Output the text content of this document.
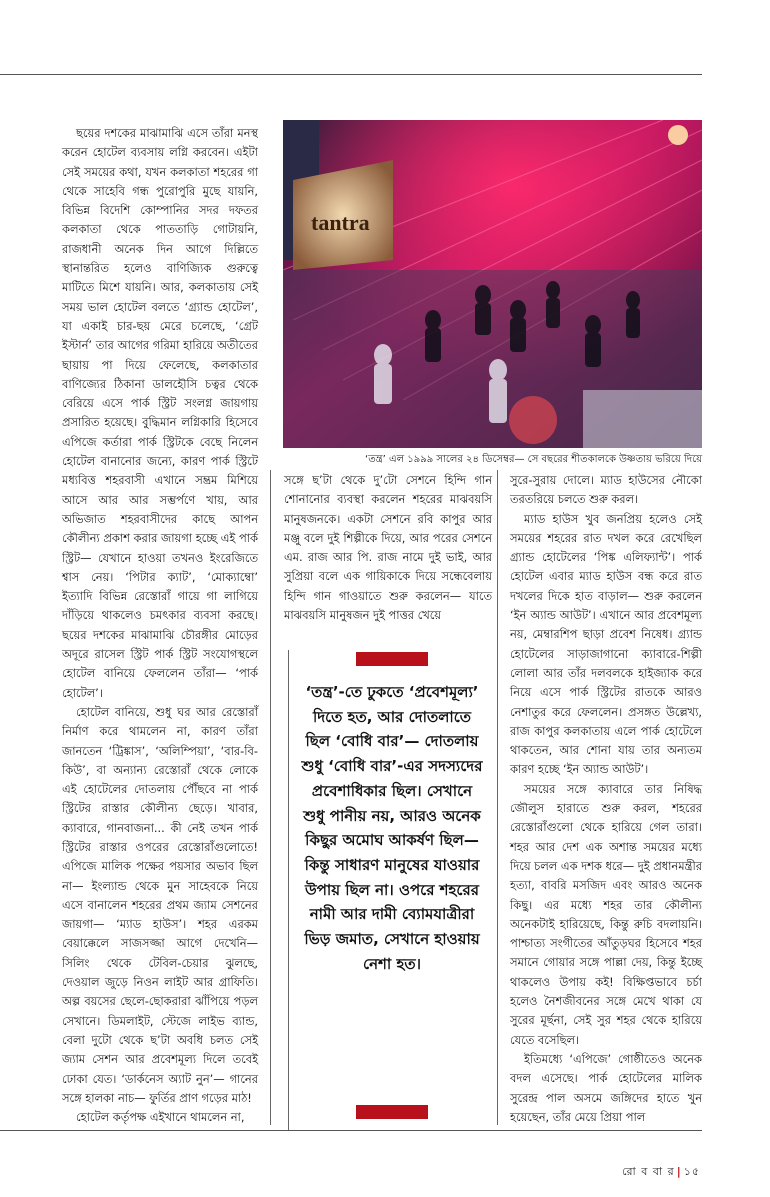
ছয়ের দশকের মাঝামাঝি এসে তাঁরা মনস্থ করেন হোটেল ব্যবসায় লগ্নি করবেন। এইটা সেই সময়ের কথা, যখন কলকাতা শহরের গা থেকে সাহেবি গন্ধ পুরোপুরি মুছে যায়নি, বিভিন্ন বিদেশি কোম্পানির সদর দফতর কলকাতা থেকে পাততাড়ি গোটায়নি, রাজধানী অনেক দিন আগে দিল্লিতে স্থানান্তরিত হলেও বাণিজ্যিক গুরুত্বে মাটিতে মিশে যায়নি। আর, কলকাতায় সেই সময় ভাল হোটেল বলতে ‘গ্র্যান্ড হোটেল’, যা একাই চার-ছয় মেরে চলেছে, ‘গ্রেট ইস্টার্ন’ তার আগের গরিমা হারিয়ে অতীতের ছায়ায় পা দিয়ে ফেলেছে, কলকাতার বাণিজ্যের ঠিকানা ডালহৌসি চত্বর থেকে বেরিয়ে এসে পার্ক স্ট্রিট সংলগ্ন জায়গায় প্রসারিত হয়েছে। বুদ্ধিমান লগ্নিকারি হিসেবে এপিজে কর্তারা পার্ক স্ট্রিটকে বেছে নিলেন হোটেল বানানোর জন্যে, কারণ পার্ক স্ট্রিটে মধ্যবিত্ত শহরবাসী এখানে সম্ভ্রম মিশিয়ে আসে আর আর সম্ভর্পণে খায়, আর অভিজাত শহরবাসীদের কাছে আপন কৌলীন্য প্রকাশ করার জায়গা হচ্ছে এই পার্ক স্ট্রিট— যেখানে হাওয়া তখনও ইংরেজিতে শ্বাস নেয়। ‘পিটার ক্যাট’, ‘মোক্যাম্বো’ ইত্যাদি বিভিন্ন রেস্তোরাঁ গায়ে গা লাগিয়ে দাঁড়িয়ে থাকলেও চমৎকার ব্যবসা করছে। ছয়ের দশকের মাঝামাঝি চৌরঙ্গীর মোড়ের অদূরে রাসেল স্ট্রিট পার্ক স্ট্রিট সংযোগস্থলে হোটেল বানিয়ে ফেললেন তাঁরা— ‘পার্ক হোটেল’।

হোটেল বানিয়ে, শুধু ঘর আর রেস্তোরাঁ নির্মাণ করে থামলেন না, কারণ তাঁরা জানতেন ‘ট্রিঙ্কাস’, ‘অলিম্পিয়া’, ‘বার-বি-কিউ’, বা অন্যান্য রেস্তোরাঁ থেকে লোকে এই হোটেলের দোতলায় পৌঁছবে না পার্ক স্ট্রিটের রাস্তার কৌলীন্য ছেড়ে। খাবার, ক্যাবারে, গানবাজনা... কী নেই তখন পার্ক স্ট্রিটের রাস্তার ওপরের রেস্তোরাঁগুলোতে! এপিজে মালিক পক্ষের পয়সার অভাব ছিল না— ইংল্যান্ড থেকে মুন সাহেবকে নিয়ে এসে বানালেন শহরের প্রথম জ্যাম সেশনের জায়গা— ‘ম্যাড হাউস’। শহর এরকম বেয়াক্কেলে সাজসজ্জা আগে দেখেনি— সিলিং থেকে টেবিল-চেয়ার ঝুলছে, দেওয়াল জুড়ে নিওন লাইট আর গ্রাফিতি। অল্প বয়সের ছেলে-ছোকরারা ঝাঁপিয়ে পড়ল সেখানে। ডিমলাইট, স্টেজে লাইভ ব্যান্ড, বেলা দুটো থেকে ছ’টা অবধি চলত সেই জ্যাম সেশন আর প্রবেশমূল্য দিলে তবেই ঢোকা যেত। ‘ডার্কনেস অ্যাট নুন’— গানের সঙ্গে হালকা নাচ— ফুর্তির প্রাণ গড়ের মাঠ!

হোটেল কর্তৃপক্ষ এইখানে থামলেন না,

tantra
‘তন্ত্র’ এল ১৯৯৯ সালের ২৪ ডিসেম্বর— সে বছরের শীতকালকে উষ্ণতায় ভরিয়ে দিয়ে

সঙ্গে ছ’টা থেকে দু’টো সেশনে হিন্দি গান শোনানোর ব্যবস্থা করলেন শহরের মাঝবয়সি মানুষজনকে। একটা সেশনে রবি কাপুর আর মঞ্জু বলে দুই শিল্পীকে দিয়ে, আর পরের সেশনে এম. রাজ আর পি. রাজ নামে দুই ভাই, আর সুপ্রিয়া বলে এক গায়িকাকে দিয়ে সন্ধেবেলায় হিন্দি গান গাওয়াতে শুরু করলেন— যাতে মাঝবয়সি মানুষজন দুই পাত্তর খেয়ে

‘তন্ত্র’-তে ঢুকতে ‘প্রবেশমূল্য’ দিতে হত, আর দোতলাতে ছিল ‘বোধি বার’— দোতলায় শুধু ‘বোধি বার’-এর সদস্যদের প্রবেশাধিকার ছিল। সেখানে শুধু পানীয় নয়, আরও অনেক কিছুর অমোঘ আকর্ষণ ছিল— কিন্তু সাধারণ মানুষের যাওয়ার উপায় ছিল না। ওপরে শহরের নামী আর দামী ব্যোমযাত্রীরা ভিড় জমাত, সেখানে হাওয়ায় নেশা হত।

সুরে-সুরায় দোলে। ম্যাড হাউসের নৌকো তরতরিয়ে চলতে শুরু করল।

ম্যাড হাউস খুব জনপ্রিয় হলেও সেই সময়ের শহরের রাত দখল করে রেখেছিল গ্র্যান্ড হোটেলের ‘পিঙ্ক এলিফ্যান্ট’। পার্ক হোটেল এবার ম্যাড হাউস বন্ধ করে রাত দখলের দিকে হাত বাড়াল— শুরু করলেন ‘ইন অ্যান্ড আউট’। এখানে আর প্রবেশমূল্য নয়, মেম্বারশিপ ছাড়া প্রবেশ নিষেধ। গ্র্যান্ড হোটেলের সাড়াজাগানো ক্যাবারে-শিল্পী লোলা আর তাঁর দলবলকে হাইজ্যাক করে নিয়ে এসে পার্ক স্ট্রিটের রাতকে আরও নেশাতুর করে ফেললেন। প্রসঙ্গত উল্লেখ্য, রাজ কাপুর কলকাতায় এলে পার্ক হোটেলে থাকতেন, আর শোনা যায় তার অন্যতম কারণ হচ্ছে ‘ইন অ্যান্ড আউট’।

সময়ের সঙ্গে ক্যাবারে তার নিষিদ্ধ জৌলুস হারাতে শুরু করল, শহরের রেস্তোরাঁগুলো থেকে হারিয়ে গেল তারা। শহর আর দেশ এক অশান্ত সময়ের মধ্যে দিয়ে চলল এক দশক ধরে— দুই প্রধানমন্ত্রীর হত্যা, বাবরি মসজিদ এবং আরও অনেক কিছু। এর মধ্যে শহর তার কৌলীন্য অনেকটাই হারিয়েছে, কিন্তু রুচি বদলায়নি। পাশ্চাত্য সংগীতের আঁতুড়ঘর হিসেবে শহর সমানে গোয়ার সঙ্গে পাল্লা দেয়, কিন্তু ইচ্ছে থাকলেও উপায় কই! বিক্ষিপ্তভাবে চর্চা হলেও নৈশজীবনের সঙ্গে মেখে থাকা যে সুরের মূর্ছনা, সেই সুর শহর থেকে হারিয়ে যেতে বসেছিল।

ইতিমধ্যে ‘এপিজে’ গোষ্ঠীতেও অনেক বদল এসেছে। পার্ক হোটেলের মালিক সুরেন্দ্র পাল অসমে জঙ্গিদের হাতে খুন হয়েছেন, তাঁর মেয়ে প্রিয়া পাল

রো ব বা র | ১৫
